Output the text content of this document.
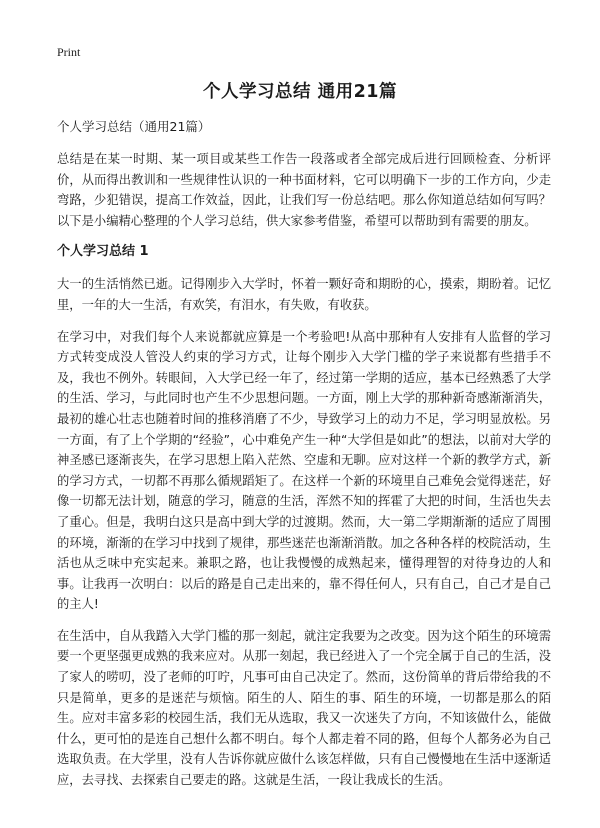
Print
个人学习总结 通用21篇
个人学习总结（通用21篇）

总结是在某一时期、某一项目或某些工作告一段落或者全部完成后进行回顾检查、分析评价，从而得出教训和一些规律性认识的一种书面材料，它可以明确下一步的工作方向，少走弯路，少犯错误，提高工作效益，因此，让我们写一份总结吧。那么你知道总结如何写吗？以下是小编精心整理的个人学习总结，供大家参考借鉴，希望可以帮助到有需要的朋友。

个人学习总结 1

大一的生活悄然已逝。记得刚步入大学时，怀着一颗好奇和期盼的心，摸索，期盼着。记忆里，一年的大一生活，有欢笑，有泪水，有失败，有收获。

在学习中，对我们每个人来说都就应算是一个考验吧!从高中那种有人安排有人监督的学习方式转变成没人管没人约束的学习方式，让每个刚步入大学门槛的学子来说都有些措手不及，我也不例外。转眼间，入大学已经一年了，经过第一学期的适应，基本已经熟悉了大学的生活、学习，与此同时也产生不少思想问题。一方面，刚上大学的那种新奇感渐渐消失，最初的雄心壮志也随着时间的推移消磨了不少，导致学习上的动力不足，学习明显放松。另一方面，有了上个学期的“经验”，心中难免产生一种“大学但是如此”的想法，以前对大学的神圣感已逐渐丧失，在学习思想上陷入茫然、空虚和无聊。应对这样一个新的教学方式，新的学习方式，一切都不再那么循规蹈矩了。在这样一个新的环境里自己难免会觉得迷茫，好像一切都无法计划，随意的学习，随意的生活，浑然不知的挥霍了大把的时间，生活也失去了重心。但是，我明白这只是高中到大学的过渡期。然而，大一第二学期渐渐的适应了周围的环境，渐渐的在学习中找到了规律，那些迷茫也渐渐消散。加之各种各样的校院活动，生活也从乏味中充实起来。兼职之路，也让我慢慢的成熟起来，懂得理智的对待身边的人和事。让我再一次明白：以后的路是自己走出来的，靠不得任何人，只有自己，自己才是自己的主人!

在生活中，自从我踏入大学门槛的那一刻起，就注定我要为之改变。因为这个陌生的环境需要一个更坚强更成熟的我来应对。从那一刻起，我已经进入了一个完全属于自己的生活，没了家人的唠叨，没了老师的叮咛，凡事可由自己决定了。然而，这份简单的背后带给我的不只是简单，更多的是迷茫与烦恼。陌生的人、陌生的事、陌生的环境，一切都是那么的陌生。应对丰富多彩的校园生活，我们无从选取，我又一次迷失了方向，不知该做什么，能做什么，更可怕的是连自己想什么都不明白。每个人都走着不同的路，但每个人都务必为自己选取负责。在大学里，没有人告诉你就应做什么该怎样做，只有自己慢慢地在生活中逐渐适应，去寻找、去探索自己要走的路。这就是生活，一段让我成长的生活。
